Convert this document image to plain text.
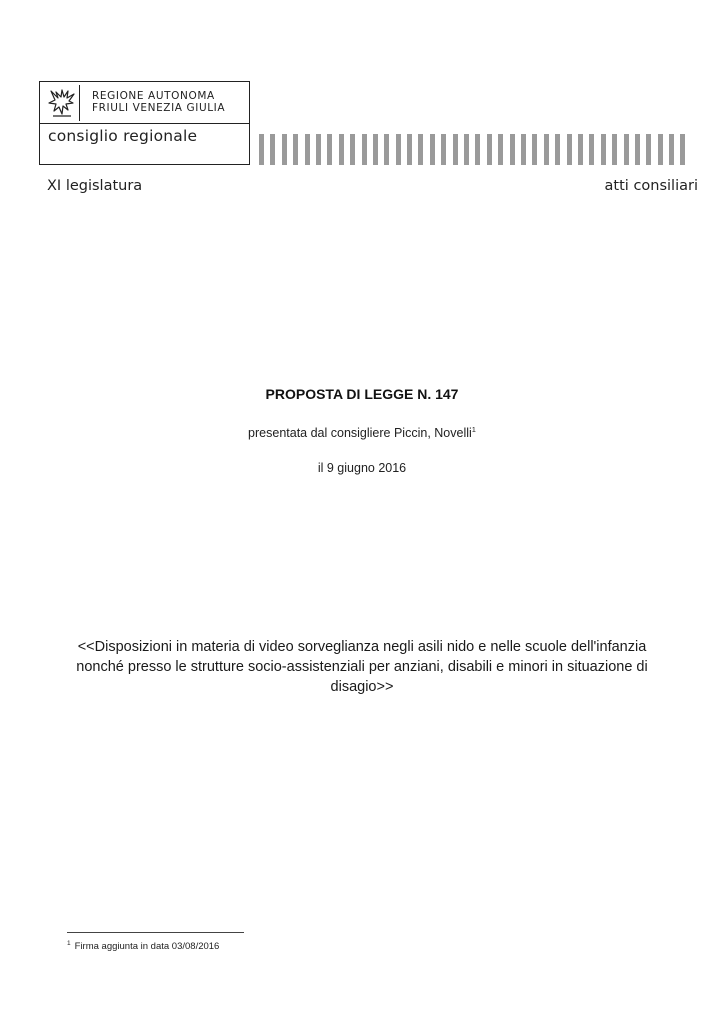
REGIONE AUTONOMA
FRIULI VENEZIA GIULIA
consiglio regionale
XI legislatura	atti consiliari
PROPOSTA DI LEGGE N. 147
presentata dal consigliere Piccin, Novelli$^1$
il 9 giugno 2016
<<Disposizioni in materia di video sorveglianza negli asili nido e nelle scuole dell'infanzia nonché presso le strutture socio-assistenziali per anziani, disabili e minori in situazione di disagio>>
$^1$ Firma aggiunta in data 03/08/2016
